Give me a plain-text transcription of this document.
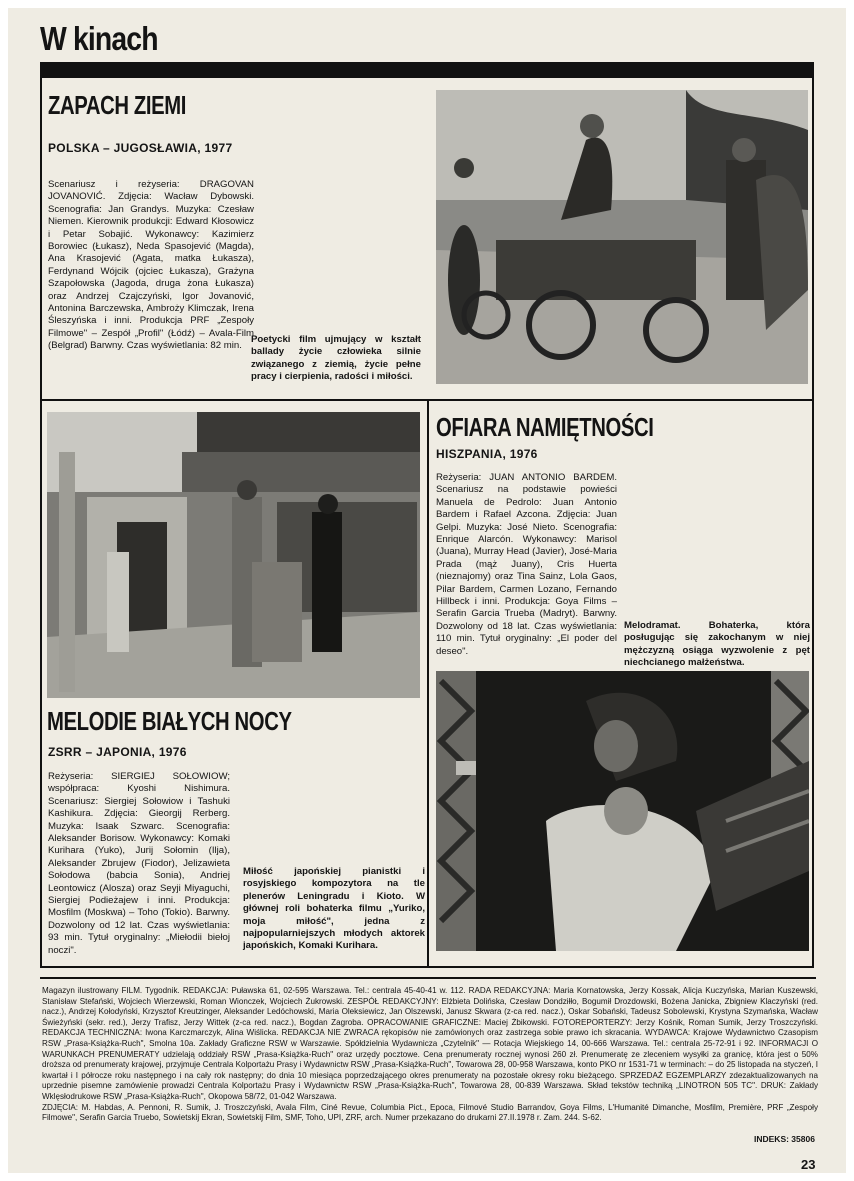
W kinach
ZAPACH ZIEMI
POLSKA – JUGOSŁAWIA, 1977
Scenariusz i reżyseria: DRAGOVAN JOVANOVIĆ. Zdjęcia: Wacław Dybowski. Scenografia: Jan Grandys. Muzyka: Czesław Niemen. Kierownik produkcji: Edward Kłosowicz i Petar Sobajić. Wykonawcy: Kazimierz Borowiec (Łukasz), Neda Spasojević (Magda), Ana Krasojević (Agata, matka Łukasza), Ferdynand Wójcik (ojciec Łukasza), Grażyna Szapołowska (Jagoda, druga żona Łukasza) oraz Andrzej Czajczyński, Igor Jovanović, Antonina Barczewska, Ambroży Klimczak, Irena Śleszyńska i inni. Produkcja PRF „Zespoły Filmowe" – Zespół „Profil" (Łódź) – Avala-Film (Belgrad) Barwny. Czas wyświetlania: 82 min.
Poetycki film ujmujący w kształt ballady życie człowieka silnie związanego z ziemią, życie pełne pracy i cierpienia, radości i miłości.
MELODIE BIAŁYCH NOCY
ZSRR – JAPONIA, 1976
Reżyseria: SIERGIEJ SOŁOWIOW; współpraca: Kyoshi Nishimura. Scenariusz: Siergiej Sołowiow i Tashuki Kashikura. Zdjęcia: Gieorgij Rerberg. Muzyka: Isaak Szwarc. Scenografia: Aleksander Borisow. Wykonawcy: Komaki Kurihara (Yuko), Jurij Sołomin (Ilja), Aleksander Zbrujew (Fiodor), Jelizawieta Sołodowa (babcia Sonia), Andriej Leontowicz (Alosza) oraz Seyji Miyaguchi, Siergiej Podieżajew i inni. Produkcja: Mosfilm (Moskwa) – Toho (Tokio). Barwny. Dozwolony od 12 lat. Czas wyświetlania: 93 min. Tytuł oryginalny: „Miełodii biełoj noczi".
Miłość japońskiej pianistki i rosyjskiego kompozytora na tle plenerów Leningradu i Kioto. W głównej roli bohaterka filmu „Yuriko, moja miłość", jedna z najpopularniejszych młodych aktorek japońskich, Komaki Kurihara.
OFIARA NAMIĘTNOŚCI
HISZPANIA, 1976
Reżyseria: JUAN ANTONIO BARDEM. Scenariusz na podstawie powieści Manuela de Pedrolo: Juan Antonio Bardem i Rafael Azcona. Zdjęcia: Juan Gelpi. Muzyka: José Nieto. Scenografia: Enrique Alarcón. Wykonawcy: Marisol (Juana), Murray Head (Javier), José-Maria Prada (mąż Juany), Cris Huerta (nieznajomy) oraz Tina Sainz, Lola Gaos, Pilar Bardem, Carmen Lozano, Fernando Hillbeck i inni. Produkcja: Goya Films – Serafin Garcia Trueba (Madryt). Barwny. Dozwolony od 18 lat. Czas wyświetlania: 110 min. Tytuł oryginalny: „El poder del deseo".
Melodramat. Bohaterka, która posługując się zakochanym w niej mężczyzną osiąga wyzwolenie z pęt niechcianego małżeństwa.
Magazyn ilustrowany FILM. Tygodnik. REDAKCJA: Puławska 61, 02-595 Warszawa. Tel.: centrala 45-40-41 w. 112. RADA REDAKCYJNA: Maria Kornatowska, Jerzy Kossak, Alicja Kuczyńska, Marian Kuszewski, Stanisław Stefański, Wojciech Wierzewski, Roman Wionczek, Wojciech Żukrowski. ZESPÓŁ REDAKCYJNY: Elżbieta Dolińska, Czesław Dondziłło, Bogumił Drozdowski, Bożena Janicka, Zbigniew Klaczyński (red. nacz.), Andrzej Kołodyński, Krzysztof Kreutzinger, Aleksander Ledóchowski, Maria Oleksiewicz, Jan Olszewski, Janusz Skwara (z-ca red. nacz.), Oskar Sobański, Tadeusz Sobolewski, Krystyna Szymańska, Wacław Świeżyński (sekr. red.), Jerzy Trafisz, Jerzy Wittek (z-ca red. nacz.), Bogdan Zagroba. OPRACOWANIE GRAFICZNE: Maciej Żbikowski. FOTOREPORTERZY: Jerzy Kośnik, Roman Sumik, Jerzy Troszczyński. REDAKCJA TECHNICZNA: Iwona Karczmarczyk, Alina Wiślicka. REDAKCJA NIE ZWRACA rękopisów nie zamówionych oraz zastrzega sobie prawo ich skracania. WYDAWCA: Krajowe Wydawnictwo Czasopism RSW „Prasa-Książka-Ruch", Smolna 10a. Zakłady Graficzne RSW w Warszawie. Spółdzielnia Wydawnicza „Czytelnik" — Rotacja Wiejskiego 14, 00-666 Warszawa. Tel.: centrala 25-72-91 i 92. INFORMACJI O WARUNKACH PRENUMERATY udzielają oddziały RSW „Prasa-Książka-Ruch" oraz urzędy pocztowe. Cena prenumeraty rocznej wynosi 260 zł. Prenumeratę ze zleceniem wysyłki za granicę, która jest o 50% droższa od prenumeraty krajowej, przyjmuje Centrala Kolportażu Prasy i Wydawnictw RSW „Prasa-Książka-Ruch", Towarowa 28, 00-958 Warszawa, konto PKO nr 1531-71 w terminach: – do 25 listopada na styczeń, I kwartał i I półrocze roku następnego i na cały rok następny; do dnia 10 miesiąca poprzedzającego okres prenumeraty na pozostałe okresy roku bieżącego. SPRZEDAŻ EGZEMPLARZY zdezaktualizowanych na uprzednie pisemne zamówienie prowadzi Centrala Kolportażu Prasy i Wydawnictw RSW „Prasa-Książka-Ruch", Towarowa 28, 00-839 Warszawa. Skład tekstów techniką „LINOTRON 505 TC". DRUK: Zakłady Wklęsłodrukowe RSW „Prasa-Książka-Ruch", Okopowa 58/72, 01-042 Warszawa.
ZDJĘCIA: M. Habdas, A. Pennoni, R. Sumik, J. Troszczyński, Avala Film, Ciné Revue, Columbia Pict., Epoca, Filmové Studio Barrandov, Goya Films, L'Humanité Dimanche, Mosfilm, Première, PRF „Zespoły Filmowe", Serafin Garcia Truebo, Sowietskij Ekran, Sowietskij Film, SMF, Toho, UPI, ZRF, arch. Numer przekazano do drukarni 27.II.1978 r. Zam. 244. S-62.
INDEKS: 35806
23
